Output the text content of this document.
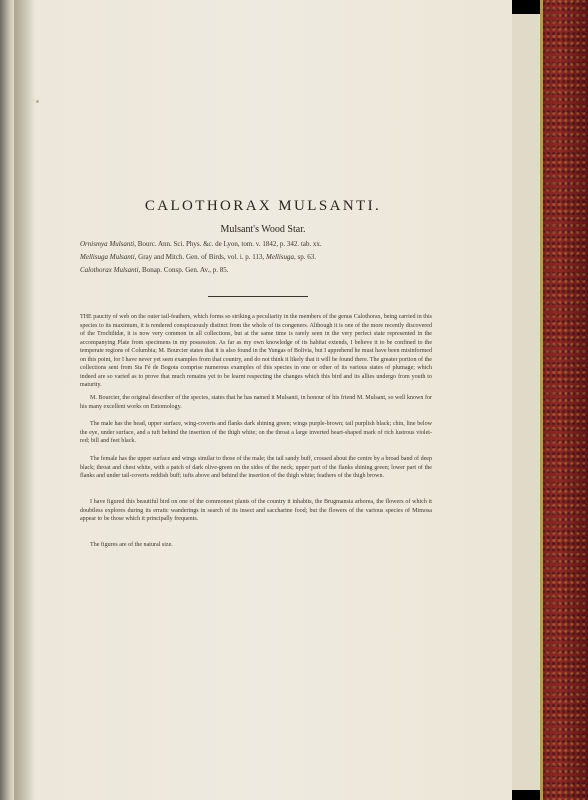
CALOTHORAX MULSANTI.
Mulsant's Wood Star.
Ornismya Mulsanti, Bourc. Ann. Sci. Phys. &c. de Lyon, tom. v. 1842, p. 342. tab. xx.
Mellisuga Mulsanti, Gray and Mitch. Gen. of Birds, vol. i. p. 113, Mellisuga, sp. 63.
Calothorax Mulsanti, Bonap. Consp. Gen. Av., p. 85.

THE paucity of web on the outer tail-feathers, which forms so striking a peculiarity in the members of the genus Calothorax, being carried in this species to its maximum, it is rendered conspicuously distinct from the whole of its congeners. Although it is one of the more recently discovered of the Trochilidæ, it is now very common in all collections, but at the same time is rarely seen in the very perfect state represented in the accompanying Plate from specimens in my possession. As far as my own knowledge of its habitat extends, I believe it to be confined to the temperate regions of Columbia; M. Bourcier states that it is also found in the Yungas of Bolivia, but I apprehend he must have been misinformed on this point, for I have never yet seen examples from that country, and do not think it likely that it will be found there. The greater portion of the collections sent from Sta Fé de Bogota comprise numerous examples of this species in one or other of its various states of plumage; which indeed are so varied as to prove that much remains yet to be learnt respecting the changes which this bird and its allies undergo from youth to maturity.

M. Bourcier, the original describer of the species, states that he has named it Mulsanti, in honour of his friend M. Mulsant, so well known for his many excellent works on Entomology.

The male has the head, upper surface, wing-coverts and flanks dark shining green; wings purple-brown; tail purplish black; chin, line below the eye, under surface, and a tuft behind the insertion of the thigh white; on the throat a large inverted heart-shaped mark of rich lustrous violet-red; bill and feet black.

The female has the upper surface and wings similar to those of the male; the tail sandy buff, crossed about the centre by a broad band of deep black; throat and chest white, with a patch of dark olive-green on the sides of the neck; upper part of the flanks shining green; lower part of the flanks and under tail-coverts reddish buff; tufts above and behind the insertion of the thigh white; feathers of the thigh brown.

I have figured this beautiful bird on one of the commonest plants of the country it inhabits, the Brugmansia arborea, the flowers of which it doubtless explores during its erratic wanderings in search of its insect and saccharine food; but the flowers of the various species of Mimosa appear to be those which it principally frequents.

The figures are of the natural size.
